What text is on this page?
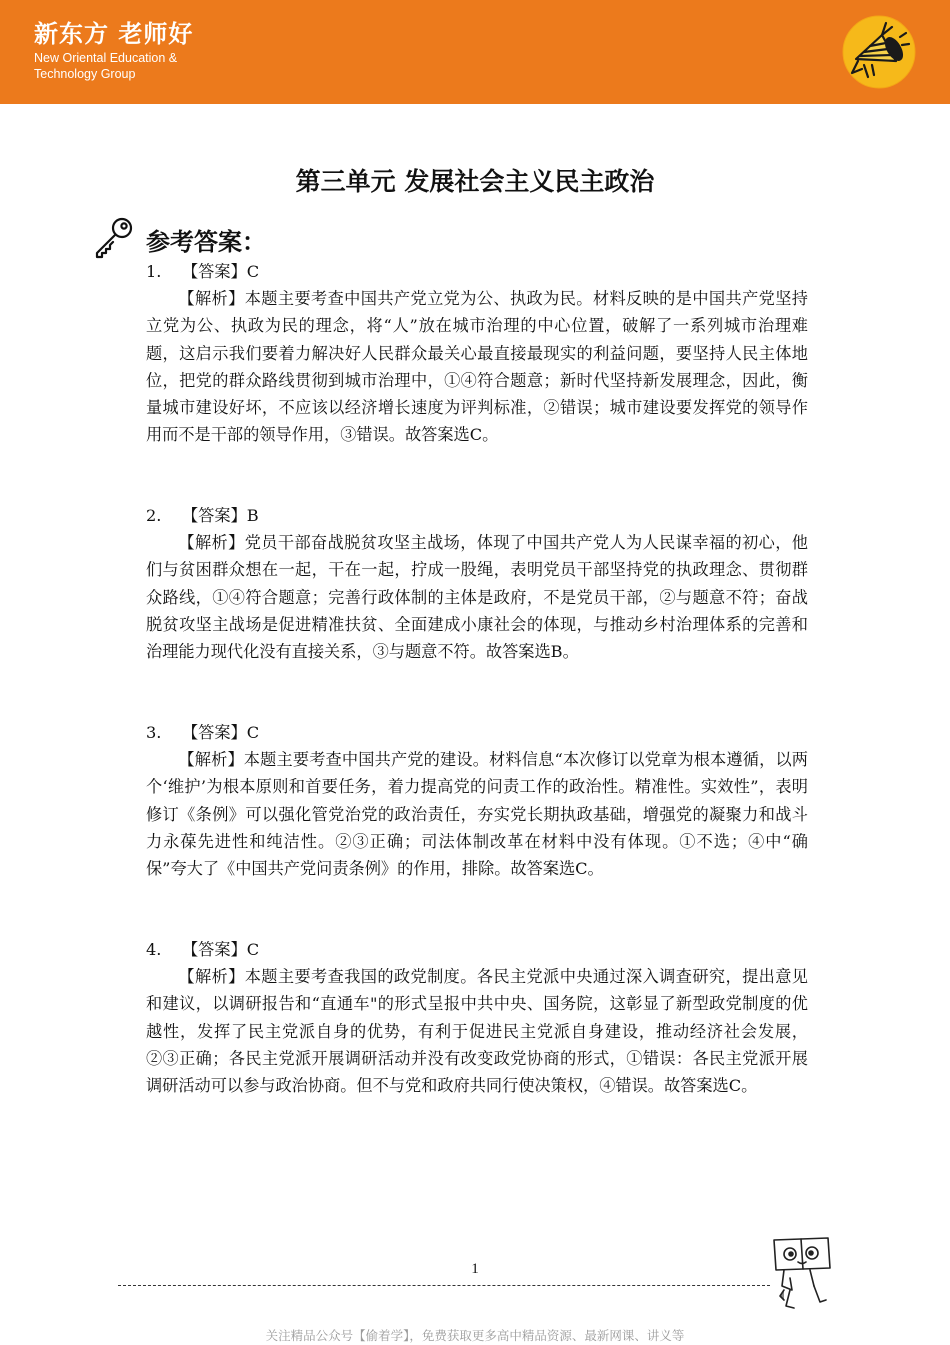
新东方 老师好
New Oriental Education &
Technology Group
第三单元 发展社会主义民主政治
参考答案：
1. 【答案】C
【解析】本题主要考查中国共产党立党为公、执政为民。材料反映的是中国共产党坚持立党为公、执政为民的理念，将“人”放在城市治理的中心位置，破解了一系列城市治理难题，这启示我们要着力解决好人民群众最关心最直接最现实的利益问题，要坚持人民主体地位，把党的群众路线贯彻到城市治理中，①④符合题意；新时代坚持新发展理念，因此，衡量城市建设好坏，不应该以经济增长速度为评判标准，②错误；城市建设要发挥党的领导作用而不是干部的领导作用，③错误。故答案选C。
2. 【答案】B
【解析】党员干部奋战脱贫攻坚主战场，体现了中国共产党人为人民谋幸福的初心，他们与贫困群众想在一起，干在一起，拧成一股绳，表明党员干部坚持党的执政理念、贯彻群众路线，①④符合题意；完善行政体制的主体是政府，不是党员干部，②与题意不符；奋战脱贫攻坚主战场是促进精准扶贫、全面建成小康社会的体现，与推动乡村治理体系的完善和治理能力现代化没有直接关系，③与题意不符。故答案选B。
3. 【答案】C
【解析】本题主要考查中国共产党的建设。材料信息“本次修订以党章为根本遵循，以两个‘维护’为根本原则和首要任务，着力提高党的问责工作的政治性。精准性。实效性”，表明修订《条例》可以强化管党治党的政治责任，夯实党长期执政基础，增强党的凝聚力和战斗力永葆先进性和纯洁性。②③正确；司法体制改革在材料中没有体现。①不选；④中“确保”夸大了《中国共产党问责条例》的作用，排除。故答案选C。
4. 【答案】C
【解析】本题主要考查我国的政党制度。各民主党派中央通过深入调查研究，提出意见和建议，以调研报告和“直通车"的形式呈报中共中央、国务院，这彰显了新型政党制度的优越性，发挥了民主党派自身的优势，有利于促进民主党派自身建设，推动经济社会发展，②③正确；各民主党派开展调研活动并没有改变政党协商的形式，①错误：各民主党派开展调研活动可以参与政治协商。但不与党和政府共同行使决策权，④错误。故答案选C。
1
关注精品公众号【偷着学】，免费获取更多高中精品资源、最新网课、讲义等
